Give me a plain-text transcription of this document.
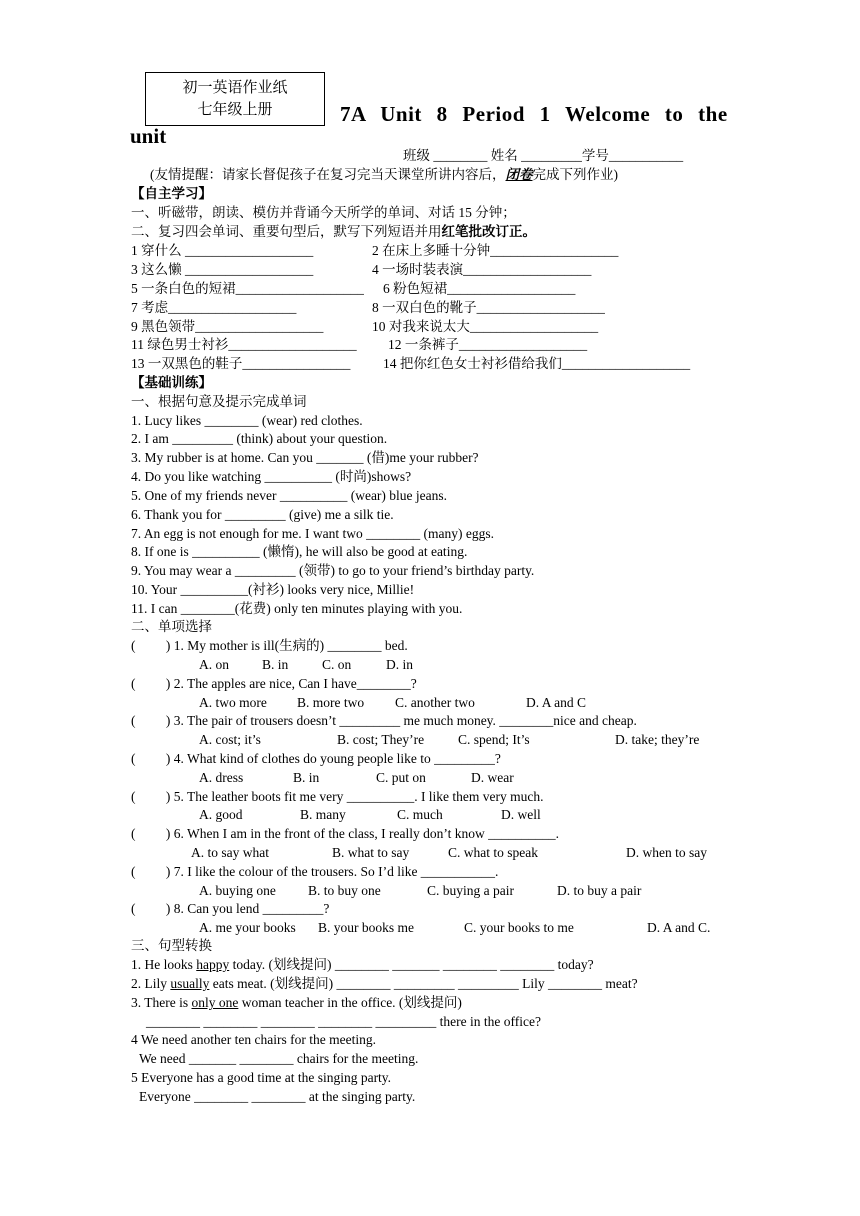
初一英语作业纸
七年级上册	7A Unit 8 Period 1 Welcome to the
unit
班级 ________ 姓名 _________学号___________
(友情提醒：请家长督促孩子在复习完当天课堂所讲内容后，闭卷完成下列作业)
【自主学习】
一、听磁带，朗读、模仿并背诵今天所学的单词、对话 15 分钟；
二、复习四会单词、重要句型后，默写下列短语并用红笔批改订正。
1 穿什么 ___________________	2 在床上多睡十分钟___________________
3 这么懒 ___________________	4 一场时装表演___________________
5 一条白色的短裙___________________ 6 粉色短裙___________________
7 考虑___________________	8 一双白色的靴子___________________
9 黑色领带___________________	10 对我来说太大___________________
11 绿色男士衬衫___________________ 12 一条裤子___________________
13 一双黑色的鞋子________________ 14 把你红色女士衬衫借给我们___________________
【基础训练】
一、根据句意及提示完成单词
1. Lucy likes ________ (wear) red clothes.
2. I am _________ (think) about your question.
3. My rubber is at home. Can you _______ (借)me your rubber?
4. Do you like watching __________ (时尚)shows?
5. One of my friends never __________ (wear) blue jeans.
6. Thank you for _________ (give) me a silk tie.
7. An egg is not enough for me. I want two ________ (many) eggs.
8. If one is __________ (懒惰), he will also be good at eating.
9. You may wear a _________ (领带) to go to your friend’s birthday party.
10. Your __________(衬衫) looks very nice, Millie!
11. I can ________(花费) only ten minutes playing with you.
二、单项选择
(　　 ) 1. My mother is ill(生病的) ________ bed.
A. on B. in C. on	D. in
(　　 ) 2. The apples are nice, Can I have________?
A. two more B. more two C. another two	D. A and C
(　　 ) 3. The pair of trousers doesn’t _________ me much money. ________nice and cheap.
A. cost; it’s	B. cost; They’re	C. spend; It’s	D. take; they’re
(　　 ) 4. What kind of clothes do young people like to _________?
A. dress	B. in	C. put on	D. wear
(　　 ) 5. The leather boots fit me very __________. I like them very much.
A. good	B. many	C. much	D. well
(　　 ) 6. When I am in the front of the class, I really don’t know __________.
A. to say what	B. what to say	C. what to speak	D. when to say
(　　 ) 7. I like the colour of the trousers. So I’d like ___________.
A. buying one B. to buy one	C. buying a pair	D. to buy a pair
(　　 ) 8. Can you lend _________?
A. me your books B. your books me	C. your books to me	D. A and C.
三、句型转换
1. He looks happy today. (划线提问) ________ _______ ________ ________ today?
2. Lily usually eats meat. (划线提问) ________ _________ _________ Lily ________ meat?
3. There is only one woman teacher in the office. (划线提问)
________ ________ ________ ________ _________ there in the office?
4 We need another ten chairs for the meeting.
We need _______ ________ chairs for the meeting.
5 Everyone has a good time at the singing party.
Everyone ________ ________ at the singing party.
